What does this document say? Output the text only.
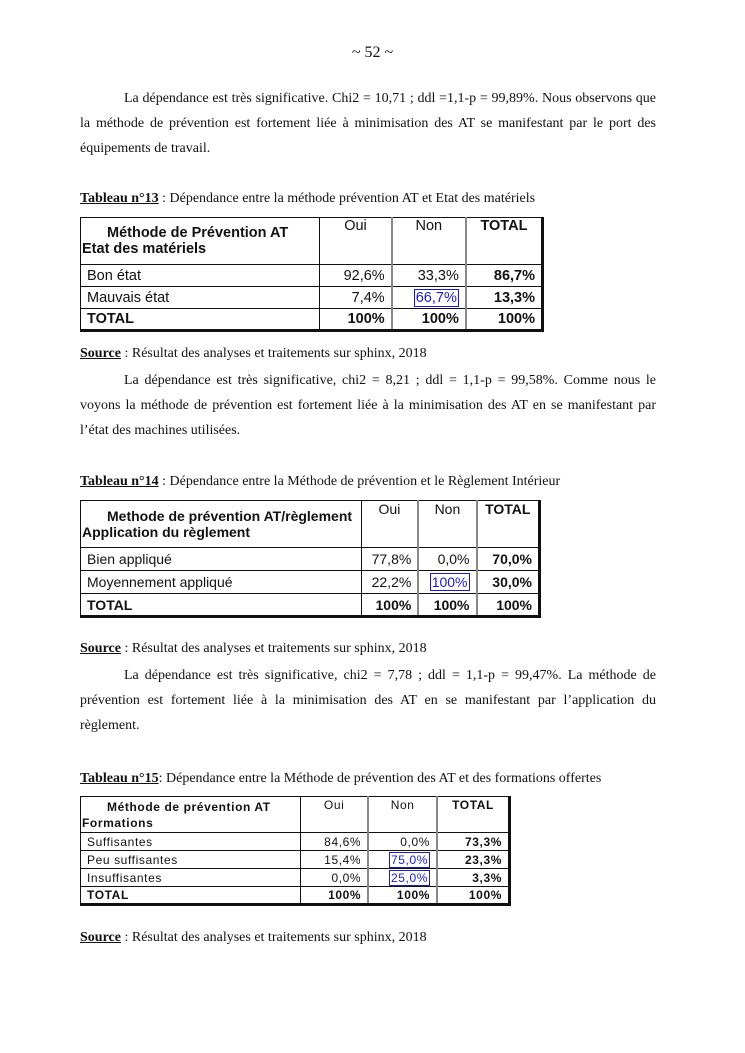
~ 52 ~

La dépendance est très significative. Chi2 = 10,71 ; ddl =1,1-p = 99,89%. Nous observons que la méthode de prévention est fortement liée à minimisation des AT se manifestant par le port des équipements de travail.

Tableau n°13 : Dépendance entre la méthode prévention AT et Etat des matériels
Méthode de Prévention AT
Etat des matériels	Oui	Non	TOTAL
Bon état	92,6%	33,3%	86,7%
Mauvais état	7,4%	66,7%	13,3%
TOTAL	100%	100%	100%
Source : Résultat des analyses et traitements sur sphinx, 2018

La dépendance est très significative, chi2 = 8,21 ; ddl = 1,1-p = 99,58%. Comme nous le voyons la méthode de prévention est fortement liée à la minimisation des AT en se manifestant par l’état des machines utilisées.

Tableau n°14 : Dépendance entre la Méthode de prévention et le Règlement Intérieur
Methode de prévention AT/règlement
Application du règlement	Oui	Non	TOTAL
Bien appliqué	77,8%	0,0%	70,0%
Moyennement appliqué	22,2%	100%	30,0%
TOTAL	100%	100%	100%
Source : Résultat des analyses et traitements sur sphinx, 2018

La dépendance est très significative, chi2 = 7,78 ; ddl = 1,1-p = 99,47%. La méthode de prévention est fortement liée à la minimisation des AT en se manifestant par l’application du règlement.

Tableau n°15: Dépendance entre la Méthode de prévention des AT et des formations offertes
Méthode de prévention AT
Formations	Oui	Non	TOTAL
Suffisantes	84,6%	0,0%	73,3%
Peu suffisantes	15,4%	75,0%	23,3%
Insuffisantes	0,0%	25,0%	3,3%
TOTAL	100%	100%	100%
Source : Résultat des analyses et traitements sur sphinx, 2018
